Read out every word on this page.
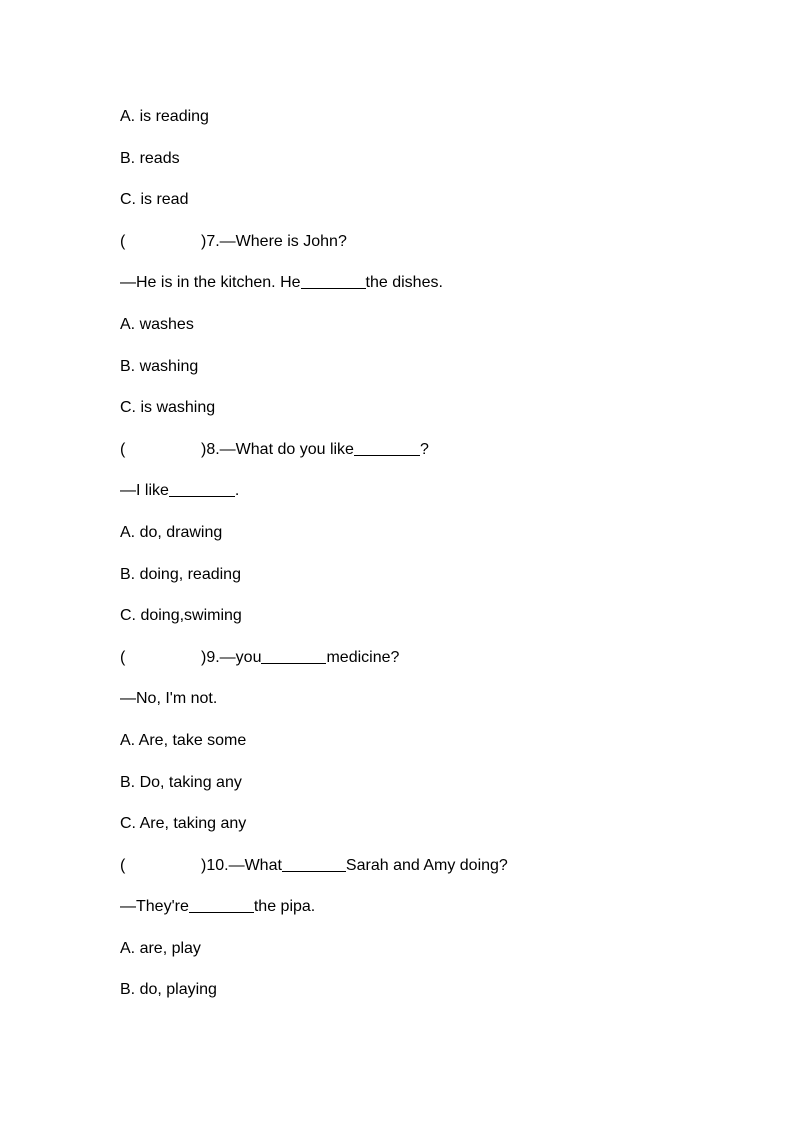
A. is reading
B. reads
C. is read
(	)7.—Where is John?
—He is in the kitchen. He	the dishes.
A. washes
B. washing
C. is washing
(	)8.—What do you like	?
—I like	.
A. do, drawing
B. doing, reading
C. doing,swiming
(	)9.—you	medicine?
—No, I'm not.
A. Are, take some
B. Do, taking any
C. Are, taking any
(	)10.—What	Sarah and Amy doing?
—They're	the pipa.
A. are, play
B. do, playing
